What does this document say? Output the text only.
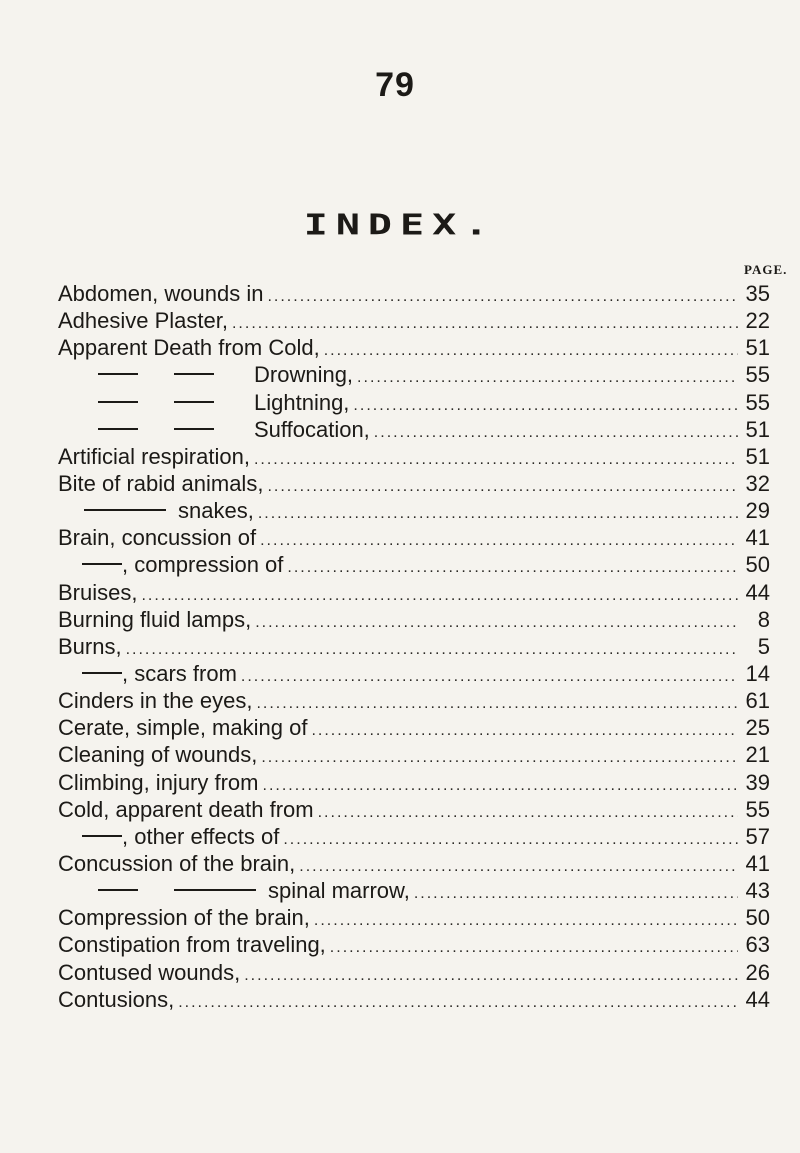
79
INDEX.
PAGE.
Abdomen, wounds in .....	35
Adhesive Plaster, .....	22
Apparent Death from Cold, .....	51
Drowning, .....	55
Lightning, .....	55
Suffocation, .....	51
Artificial respiration, .....	51
Bite of rabid animals, .....	32
snakes, .....	29
Brain, concussion of .....	41
, compression of .....	50
Bruises, .....	44
Burning fluid lamps, .....	8
Burns, .....	5
, scars from .....	14
Cinders in the eyes, .....	61
Cerate, simple, making of .....	25
Cleaning of wounds, .....	21
Climbing, injury from .....	39
Cold, apparent death from .....	55
, other effects of .....	57
Concussion of the brain, .....	41
spinal marrow, .....	43
Compression of the brain, .....	50
Constipation from traveling, .....	63
Contused wounds, .....	26
Contusions, .....	44
